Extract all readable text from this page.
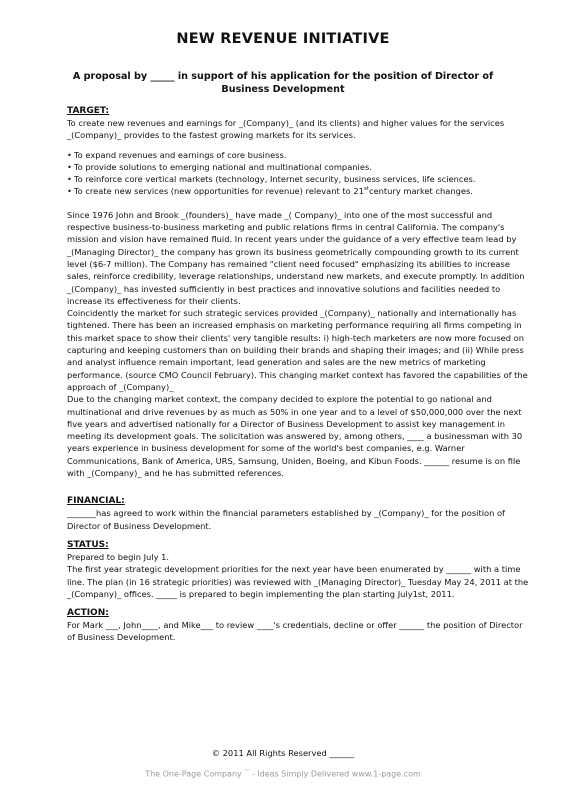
NEW REVENUE INITIATIVE
A proposal by _____ in support of his application for the position of Director of Business Development
TARGET:

To create new revenues and earnings for _(Company)_ (and its clients) and higher values for the services _(Company)_ provides to the fastest growing markets for its services.

• To expand revenues and earnings of core business.
• To provide solutions to emerging national and multinational companies.
• To reinforce core vertical markets (technology, Internet security, business services, life sciences.
• To create new services (new opportunities for revenue) relevant to 21stcentury market changes.

Since 1976 John and Brook _(founders)_ have made _( Company)_ into one of the most successful and respective business-to-business marketing and public relations firms in central California. The company's mission and vision have remained fluid. In recent years under the guidance of a very effective team lead by _(Managing Director)_ the company has grown its business geometrically compounding growth to its current level ($6-7 million). The Company has remained "client need focused" emphasizing its abilities to increase sales, reinforce credibility, leverage relationships, understand new markets, and execute promptly. In addition _(Company)_ has invested sufficiently in best practices and innovative solutions and facilities needed to increase its effectiveness for their clients.

Coincidently the market for such strategic services provided _(Company)_ nationally and internationally has tightened. There has been an increased emphasis on marketing performance requiring all firms competing in this market space to show their clients' very tangible results: i) high-tech marketers are now more focused on capturing and keeping customers than on building their brands and shaping their images; and (ii) While press and analyst influence remain important, lead generation and sales are the new metrics of marketing performance. (source CMO Council February). This changing market context has favored the capabilities of the approach of _(Company)_

Due to the changing market context, the company decided to explore the potential to go national and multinational and drive revenues by as much as 50% in one year and to a level of $50,000,000 over the next five years and advertised nationally for a Director of Business Development to assist key management in meeting its development goals. The solicitation was answered by, among others, ____ a businessman with 30 years experience in business development for some of the world's best companies, e.g. Warner Communications, Bank of America, URS, Samsung, Uniden, Boeing, and Kibun Foods. ______ resume is on file with _(Company)_ and he has submitted references.

FINANCIAL:

_______has agreed to work within the financial parameters established by _(Company)_ for the position of Director of Business Development.

STATUS:

Prepared to begin July 1.

The first year strategic development priorities for the next year have been enumerated by ______ with a time line. The plan (in 16 strategic priorities) was reviewed with _(Managing Director)_ Tuesday May 24, 2011 at the _(Company)_ offices. _____ is prepared to begin implementing the plan starting July1st, 2011.

ACTION:

For Mark ___, John____, and Mike___ to review ____'s credentials, decline or offer ______ the position of Director of Business Development.

© 2011 All Rights Reserved ______
The One-Page Company ™ - Ideas Simply Delivered www.1-page.com
